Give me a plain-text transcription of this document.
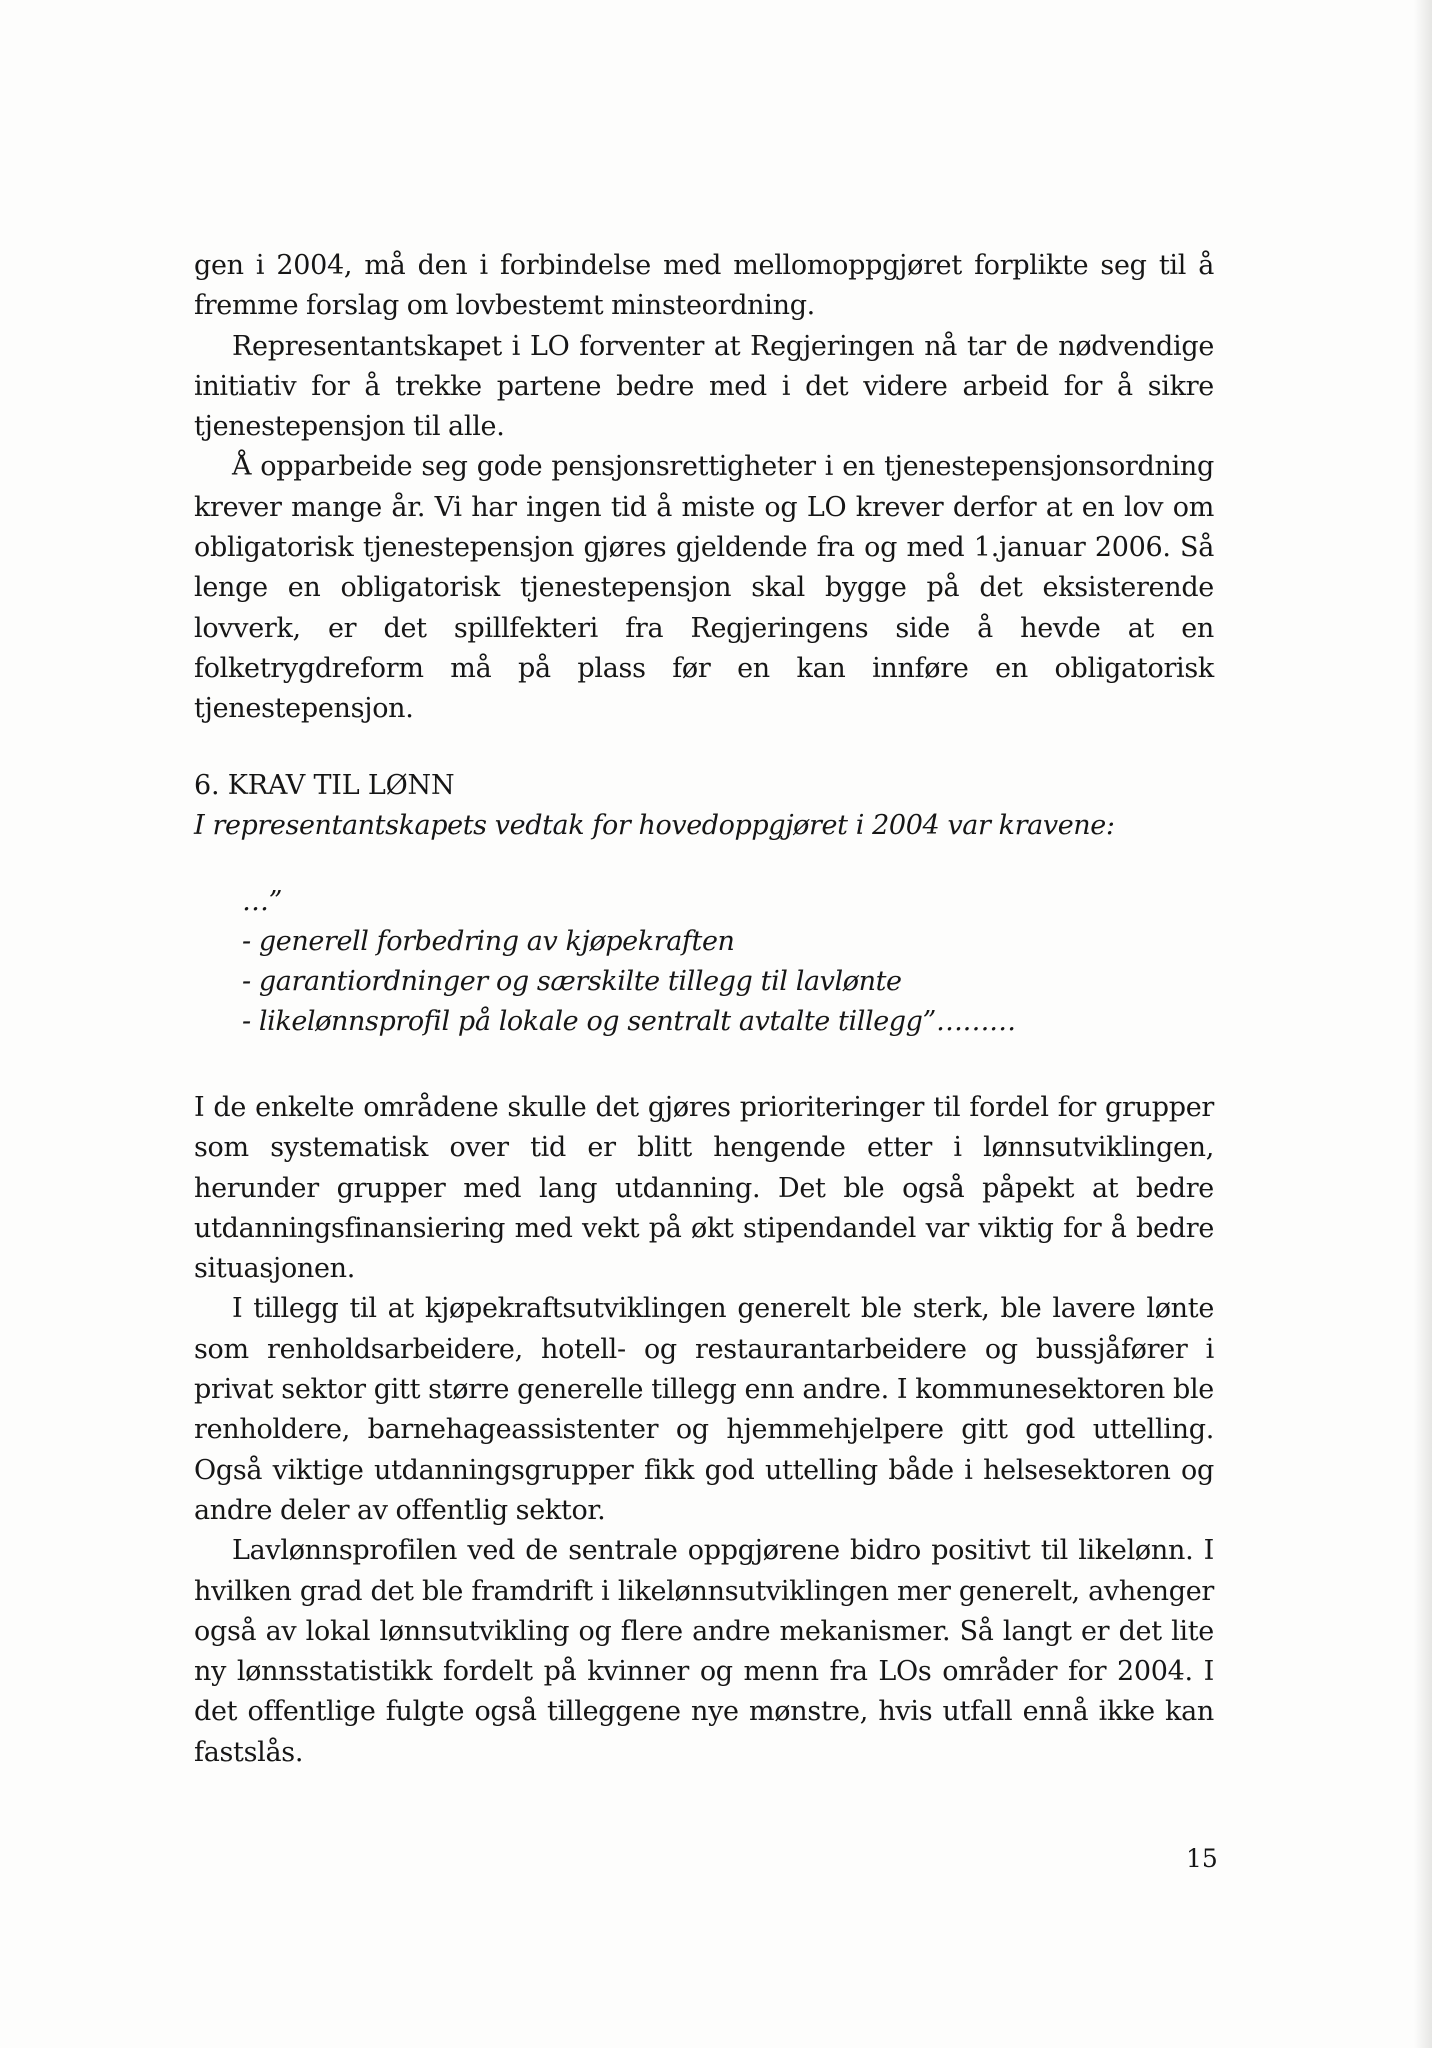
gen i 2004, må den i forbindelse med mellomoppgjøret forplikte seg til å fremme forslag om lovbestemt minsteordning.

Representantskapet i LO forventer at Regjeringen nå tar de nødvendige initiativ for å trekke partene bedre med i det videre arbeid for å sikre tjenestepensjon til alle.

Å opparbeide seg gode pensjonsrettigheter i en tjenestepensjonsordning krever mange år. Vi har ingen tid å miste og LO krever derfor at en lov om obligatorisk tjenestepensjon gjøres gjeldende fra og med 1.januar 2006. Så lenge en obligatorisk tjenestepensjon skal bygge på det eksisterende lovverk, er det spillfekteri fra Regjeringens side å hevde at en folketrygdreform må på plass før en kan innføre en obligatorisk tjenestepensjon.

6. KRAV TIL LØNN

I representantskapets vedtak for hovedoppgjøret i 2004 var kravene:

…”

- generell forbedring av kjøpekraften

- garantiordninger og særskilte tillegg til lavlønte

- likelønnsprofil på lokale og sentralt avtalte tillegg”………

I de enkelte områdene skulle det gjøres prioriteringer til fordel for grupper som systematisk over tid er blitt hengende etter i lønnsutviklingen, herunder grupper med lang utdanning. Det ble også påpekt at bedre utdanningsfinansiering med vekt på økt stipendandel var viktig for å bedre situasjonen.

I tillegg til at kjøpekraftsutviklingen generelt ble sterk, ble lavere lønte som renholdsarbeidere, hotell- og restaurantarbeidere og bussjåfører i privat sektor gitt større generelle tillegg enn andre. I kommunesektoren ble renholdere, barnehageassistenter og hjemmehjelpere gitt god uttelling. Også viktige utdanningsgrupper fikk god uttelling både i helsesektoren og andre deler av offentlig sektor.

Lavlønnsprofilen ved de sentrale oppgjørene bidro positivt til likelønn. I hvilken grad det ble framdrift i likelønnsutviklingen mer generelt, avhenger også av lokal lønnsutvikling og flere andre mekanismer. Så langt er det lite ny lønnsstatistikk fordelt på kvinner og menn fra LOs områder for 2004. I det offentlige fulgte også tilleggene nye mønstre, hvis utfall ennå ikke kan fastslås.

15
